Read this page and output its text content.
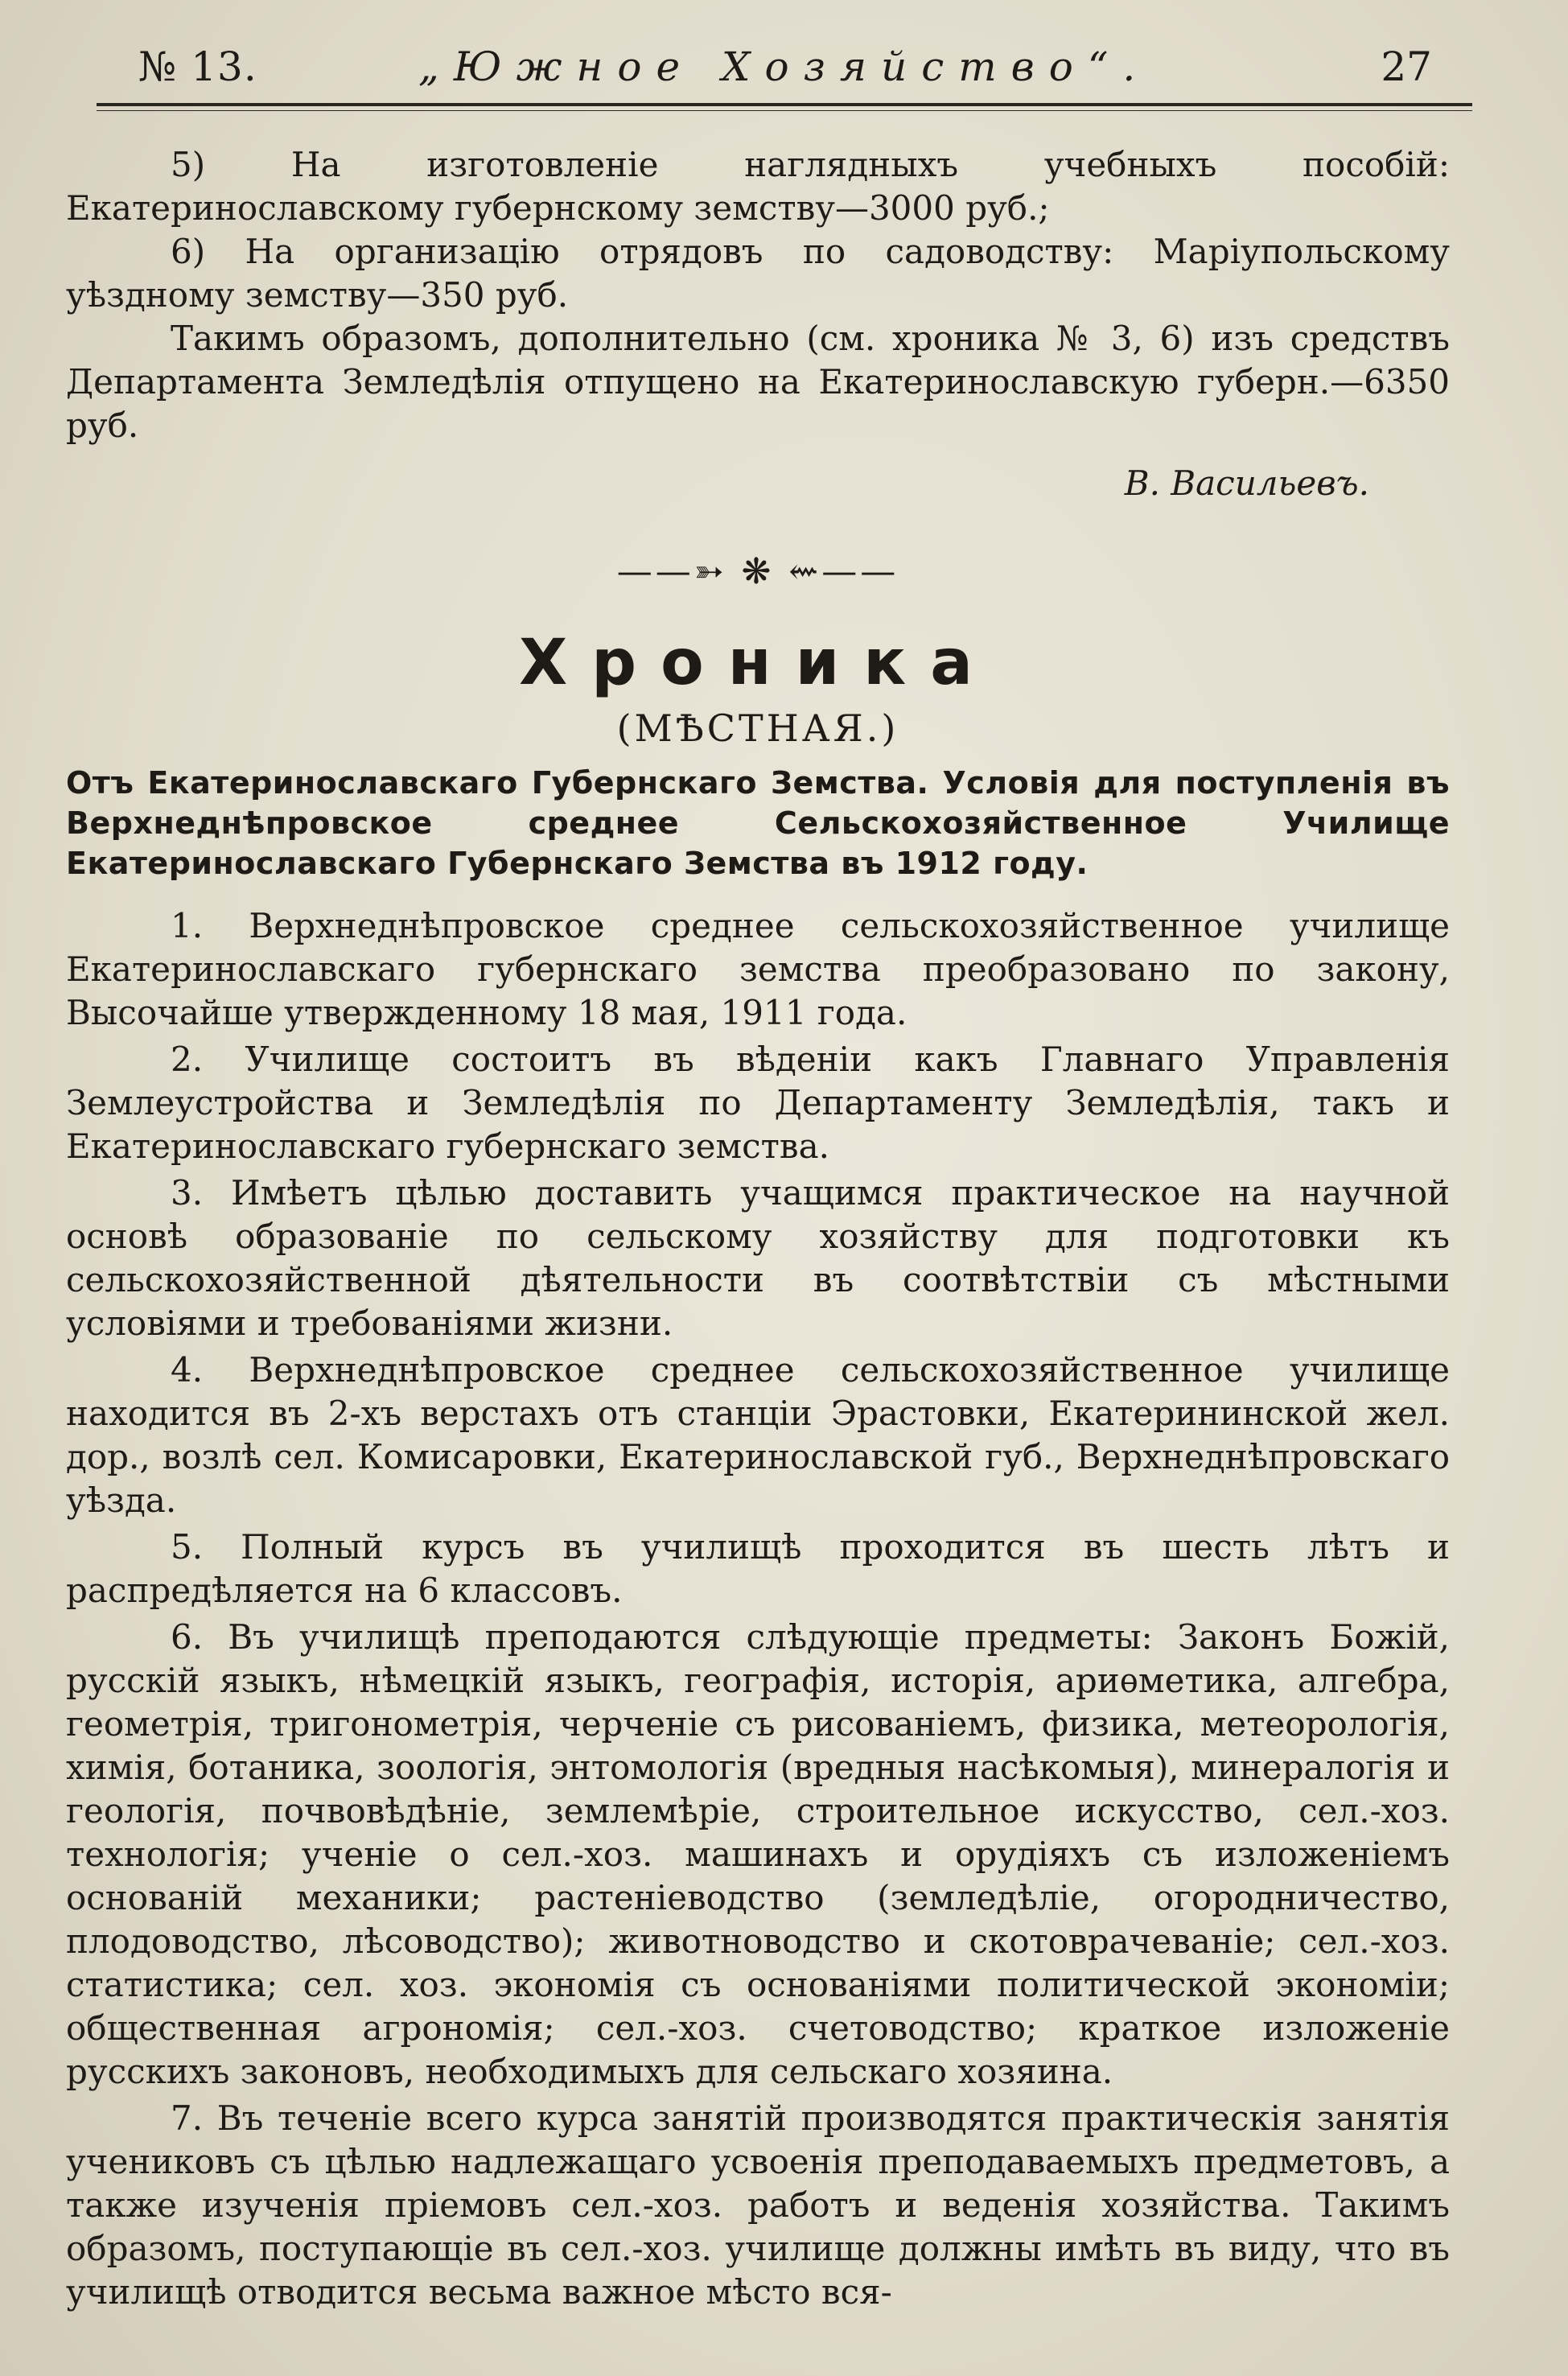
№ 13.	„Южное Хозяйство“.	27

5) На изготовленіе наглядныхъ учебныхъ пособій: Екатеринославскому губернскому земству—3000 руб.;

6) На организацію отрядовъ по садоводству: Маріупольскому уѣздному земству—350 руб.

Такимъ образомъ, дополнительно (см. хроника № 3, 6) изъ средствъ Департамента Земледѣлія отпущено на Екатеринославскую губерн.—6350 руб.

В. Васильевъ.

——➳ ❋ ⇜——
Хроника

(МѢСТНАЯ.)

Отъ Екатеринославскаго Губернскаго Земства. Условія для поступленія въ Верхнеднѣпровское среднее Сельскохозяйственное Училище Екатеринославскаго Губернскаго Земства въ 1912 году.

1. Верхнеднѣпровское среднее сельскохозяйственное училище Екатеринославскаго губернскаго земства преобразовано по закону, Высочайше утвержденному 18 мая, 1911 года.

2. Училище состоитъ въ вѣденіи какъ Главнаго Управленія Землеустройства и Земледѣлія по Департаменту Земледѣлія, такъ и Екатеринославскаго губернскаго земства.

3. Имѣетъ цѣлью доставить учащимся практическое на научной основѣ образованіе по сельскому хозяйству для подготовки къ сельскохозяйственной дѣятельности въ соотвѣтствіи съ мѣстными условіями и требованіями жизни.

4. Верхнеднѣпровское среднее сельскохозяйственное училище находится въ 2-хъ верстахъ отъ станціи Эрастовки, Екатерининской жел. дор., возлѣ сел. Комисаровки, Екатеринославской губ., Верхнеднѣпровскаго уѣзда.

5. Полный курсъ въ училищѣ проходится въ шесть лѣтъ и распредѣляется на 6 классовъ.

6. Въ училищѣ преподаются слѣдующіе предметы: Законъ Божій, русскій языкъ, нѣмецкій языкъ, географія, исторія, ариѳметика, алгебра, геометрія, тригонометрія, черченіе съ рисованіемъ, физика, метеорологія, химія, ботаника, зоологія, энтомологія (вредныя насѣкомыя), минералогія и геологія, почвовѣдѣніе, землемѣріе, строительное искусство, сел.-хоз. технологія; ученіе о сел.-хоз. машинахъ и орудіяхъ съ изложеніемъ основаній механики; растеніеводство (земледѣліе, огородничество, плодоводство, лѣсоводство); животноводство и скотоврачеваніе; сел.-хоз. статистика; сел. хоз. экономія съ основаніями политической экономіи; общественная агрономія; сел.-хоз. счетоводство; краткое изложеніе русскихъ законовъ, необходимыхъ для сельскаго хозяина.

7. Въ теченіе всего курса занятій производятся практическія занятія учениковъ съ цѣлью надлежащаго усвоенія преподаваемыхъ предметовъ, а также изученія пріемовъ сел.-хоз. работъ и веденія хозяйства. Такимъ образомъ, поступающіе въ сел.-хоз. училище должны имѣть въ виду, что въ училищѣ отводится весьма важное мѣсто вся-
